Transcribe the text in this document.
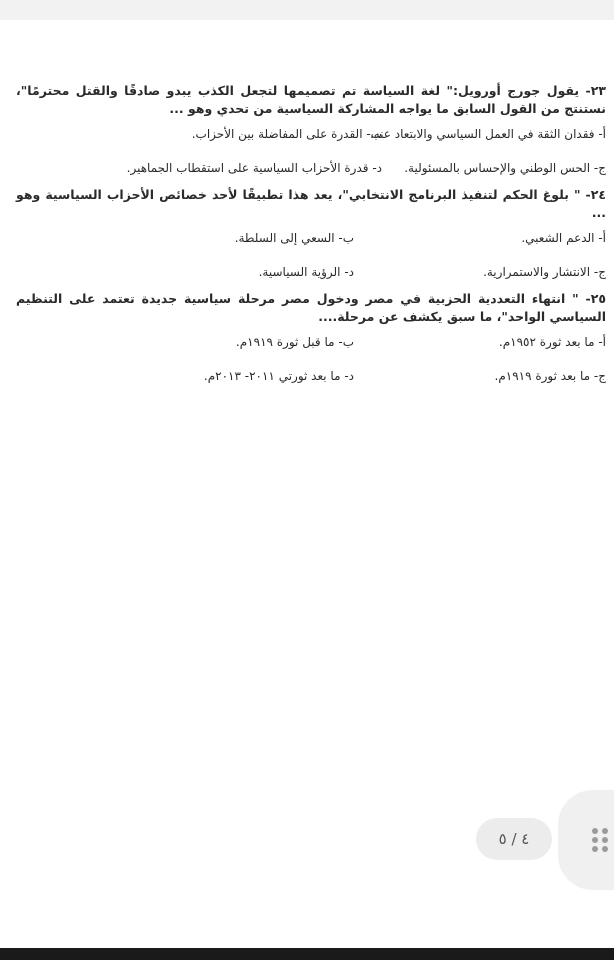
٢٣- يقول جورج أورويل:" لغة السياسة تم تصميمها لتجعل الكذب يبدو صادقًا والقتل محترمًا"، نستنتج من القول السابق ما يواجه المشاركة السياسية من تحدي وهو ...

أ- فقدان الثقة في العمل السياسي والابتعاد عنه.
ب- القدرة على المفاضلة بين الأحزاب.
ج- الحس الوطني والإحساس بالمسئولية.
د- قدرة الأحزاب السياسية على استقطاب الجماهير.

٢٤- " بلوغ الحكم لتنفيذ البرنامج الانتخابي"، يعد هذا تطبيقًا لأحد خصائص الأحزاب السياسية وهو ...

أ- الدعم الشعبي.
ب- السعي إلى السلطة.
ج- الانتشار والاستمرارية.
د- الرؤية السياسية.

٢٥- " انتهاء التعددية الحزبية في مصر ودخول مصر مرحلة سياسية جديدة تعتمد على التنظيم السياسي الواحد"، ما سبق يكشف عن مرحلة....

أ- ما بعد ثورة ١٩٥٢م.
ب- ما قبل ثورة ١٩١٩م.
ج- ما بعد ثورة ١٩١٩م.
د- ما بعد ثورتي ٢٠١١- ٢٠١٣م.
٤ / ٥
